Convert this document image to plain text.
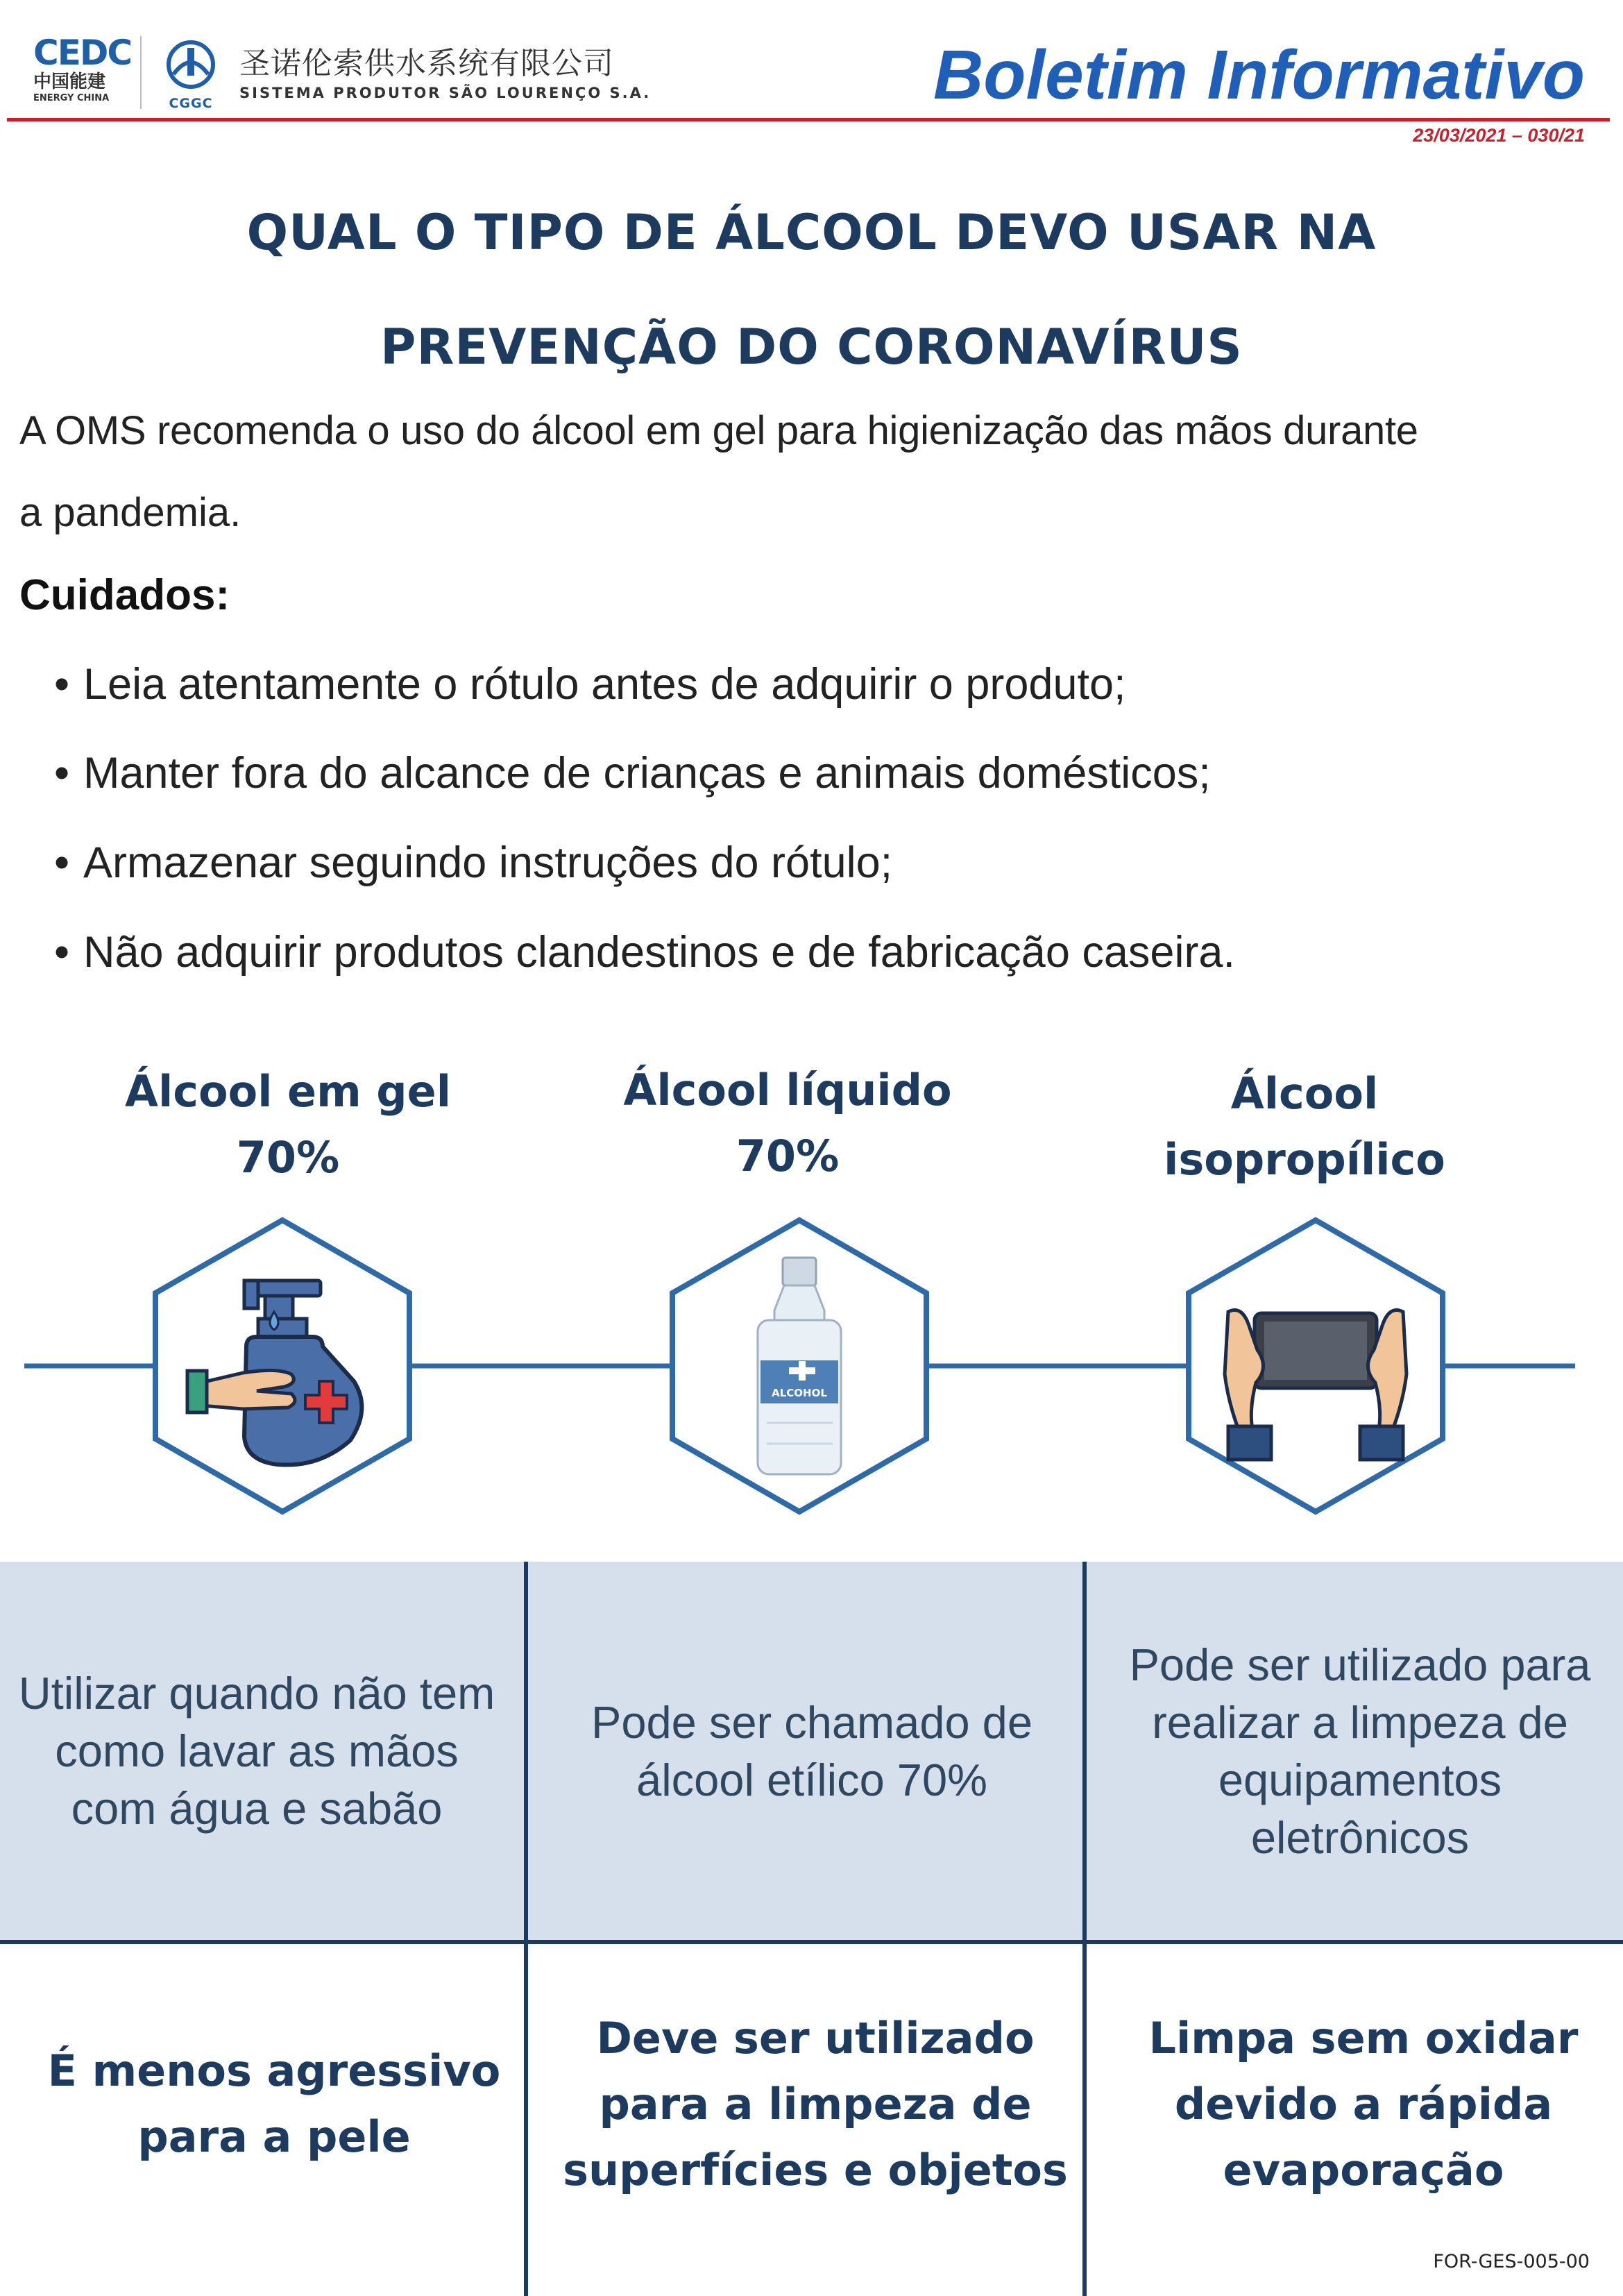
CEDC
中国能建
ENERGY CHINA	CGGC
圣诺伦索供水系统有限公司
SISTEMA PRODUTOR SÃO LOURENÇO S.A.	Boletim Informativo
23/03/2021 – 030/21
QUAL O TIPO DE ÁLCOOL DEVO USAR NA
PREVENÇÃO DO CORONAVÍRUS
A OMS recomenda o uso do álcool em gel para higienização das mãos durante
a pandemia.
Cuidados:
• Leia atentamente o rótulo antes de adquirir o produto;
• Manter fora do alcance de crianças e animais domésticos;
• Armazenar seguindo instruções do rótulo;
• Não adquirir produtos clandestinos e de fabricação caseira.
Álcool em gel
70%
Álcool líquido
70%
Álcool
isopropílico
ALCOHOL
Utilizar quando não tem como lavar as mãos com água e sabão
Pode ser chamado de álcool etílico 70%
Pode ser utilizado para realizar a limpeza de equipamentos eletrônicos
É menos agressivo para a pele
Deve ser utilizado para a limpeza de superfícies e objetos
Limpa sem oxidar devido a rápida evaporação
FOR-GES-005-00
